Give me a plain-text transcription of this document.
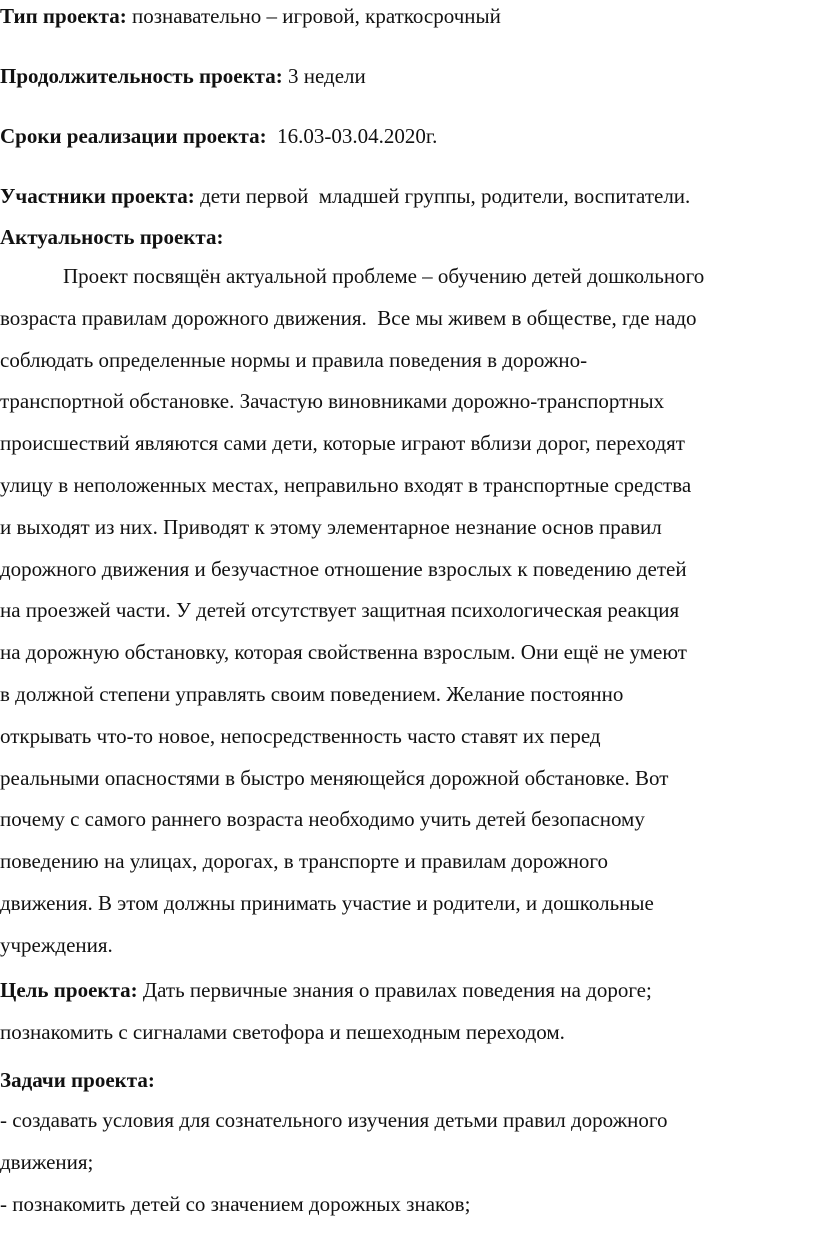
Тип проекта: познавательно – игровой, краткосрочный

Продолжительность проекта: 3 недели

Сроки реализации проекта: 16.03-03.04.2020г.

Участники проекта: дети первой  младшей группы, родители, воспитатели.

Актуальность проекта:

Проект посвящён актуальной проблеме – обучению детей дошкольного
возраста правилам дорожного движения.  Все мы живем в обществе, где надо
соблюдать определенные нормы и правила поведения в дорожно-
транспортной обстановке. Зачастую виновниками дорожно-транспортных
происшествий являются сами дети, которые играют вблизи дорог, переходят
улицу в неположенных местах, неправильно входят в транспортные средства
и выходят из них. Приводят к этому элементарное незнание основ правил
дорожного движения и безучастное отношение взрослых к поведению детей
на проезжей части. У детей отсутствует защитная психологическая реакция
на дорожную обстановку, которая свойственна взрослым. Они ещё не умеют
в должной степени управлять своим поведением. Желание постоянно
открывать что-то новое, непосредственность часто ставят их перед
реальными опасностями в быстро меняющейся дорожной обстановке. Вот
почему с самого раннего возраста необходимо учить детей безопасному
поведению на улицах, дорогах, в транспорте и правилам дорожного
движения. В этом должны принимать участие и родители, и дошкольные
учреждения.
Цель проекта: Дать первичные знания о правилах поведения на дороге;
познакомить с сигналами светофора и пешеходным переходом.

Задачи проекта:

- создавать условия для сознательного изучения детьми правил дорожного
движения;
- познакомить детей со значением дорожных знаков;
